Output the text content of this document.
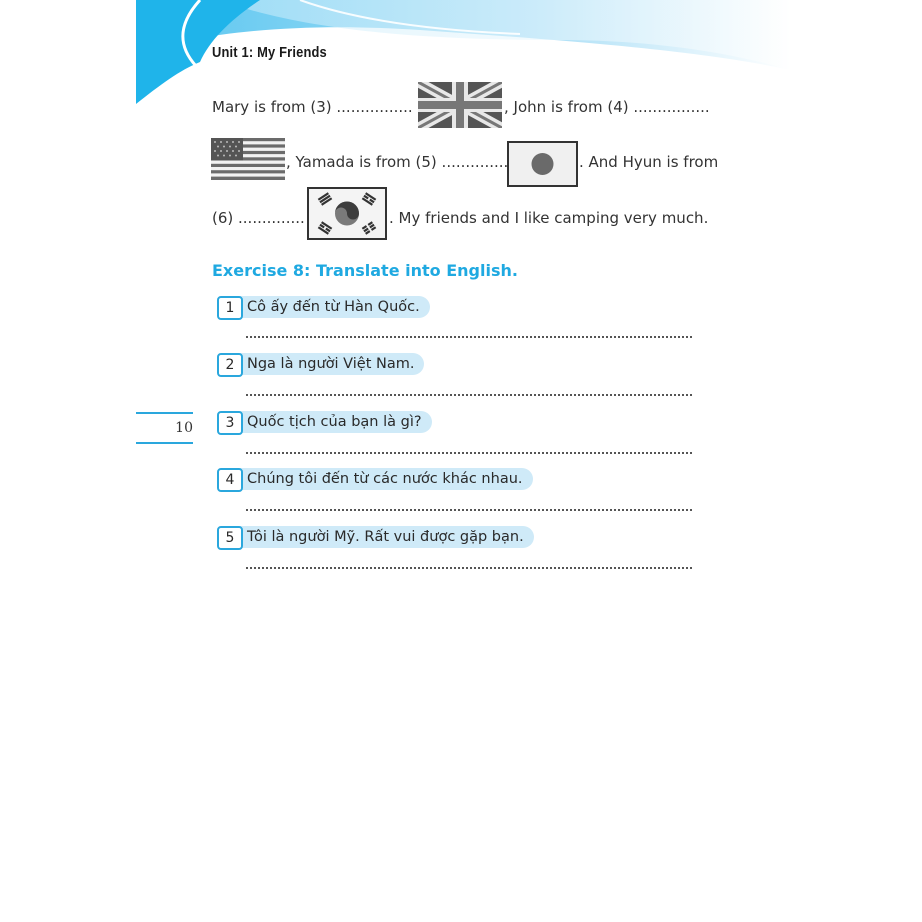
Unit 1: My Friends
Mary is from (3) ................	, John is from (4) ................
, Yamada is from (5) ..............	. And Hyun is from
(6) ..............	. My friends and I like camping very much.
Exercise 8: Translate into English.
Cô ấy đến từ Hàn Quốc.
1
Nga là người Việt Nam.
2
Quốc tịch của bạn là gì?
3
Chúng tôi đến từ các nước khác nhau.
4
Tôi là người Mỹ. Rất vui được gặp bạn.
5
10
